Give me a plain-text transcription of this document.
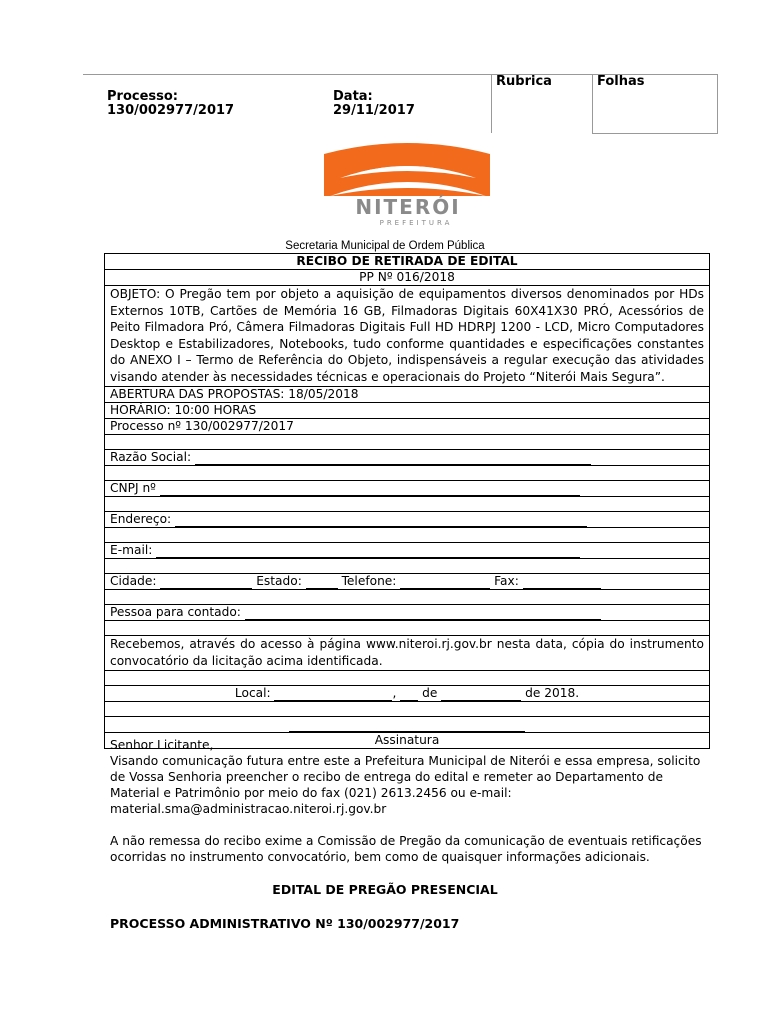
Processo:
130/002977/2017
Data:
29/11/2017
Rubrica	Folhas
NITERÓI
PREFEITURA
Secretaria Municipal de Ordem Pública
RECIBO DE RETIRADA DE EDITAL
PP Nº 016/2018
OBJETO: O Pregão tem por objeto a aquisição de equipamentos diversos denominados por HDs Externos 10TB, Cartões de Memória 16 GB, Filmadoras Digitais 60X41X30 PRÓ, Acessórios de Peito Filmadora Pró, Câmera Filmadoras Digitais Full HD HDRPJ 1200 - LCD, Micro Computadores Desktop e Estabilizadores, Notebooks, tudo conforme quantidades e especificações constantes do ANEXO I – Termo de Referência do Objeto, indispensáveis a regular execução das atividades visando atender às necessidades técnicas e operacionais do Projeto “Niterói Mais Segura”.
ABERTURA DAS PROPOSTAS: 18/05/2018
HORÁRIO: 10:00 HORAS
Processo nº 130/002977/2017
Razão Social:
CNPJ nº
Endereço:
E-mail:
Cidade:	Estado:	Telefone:	Fax:
Pessoa para contado:
Recebemos, através do acesso à página www.niteroi.rj.gov.br nesta data, cópia do instrumento convocatório da licitação acima identificada.
Local:	,  de	de 2018.
Assinatura

Senhor Licitante,

Visando comunicação futura entre este a Prefeitura Municipal de Niterói e essa empresa, solicito de Vossa Senhoria preencher o recibo de entrega do edital e remeter ao Departamento de Material e Patrimônio por meio do fax (021) 2613.2456 ou e-mail: material.sma@administracao.niteroi.rj.gov.br

A não remessa do recibo exime a Comissão de Pregão da comunicação de eventuais retificações ocorridas no instrumento convocatório, bem como de quaisquer informações adicionais.

EDITAL DE PREGÃO PRESENCIAL
PROCESSO ADMINISTRATIVO Nº 130/002977/2017
